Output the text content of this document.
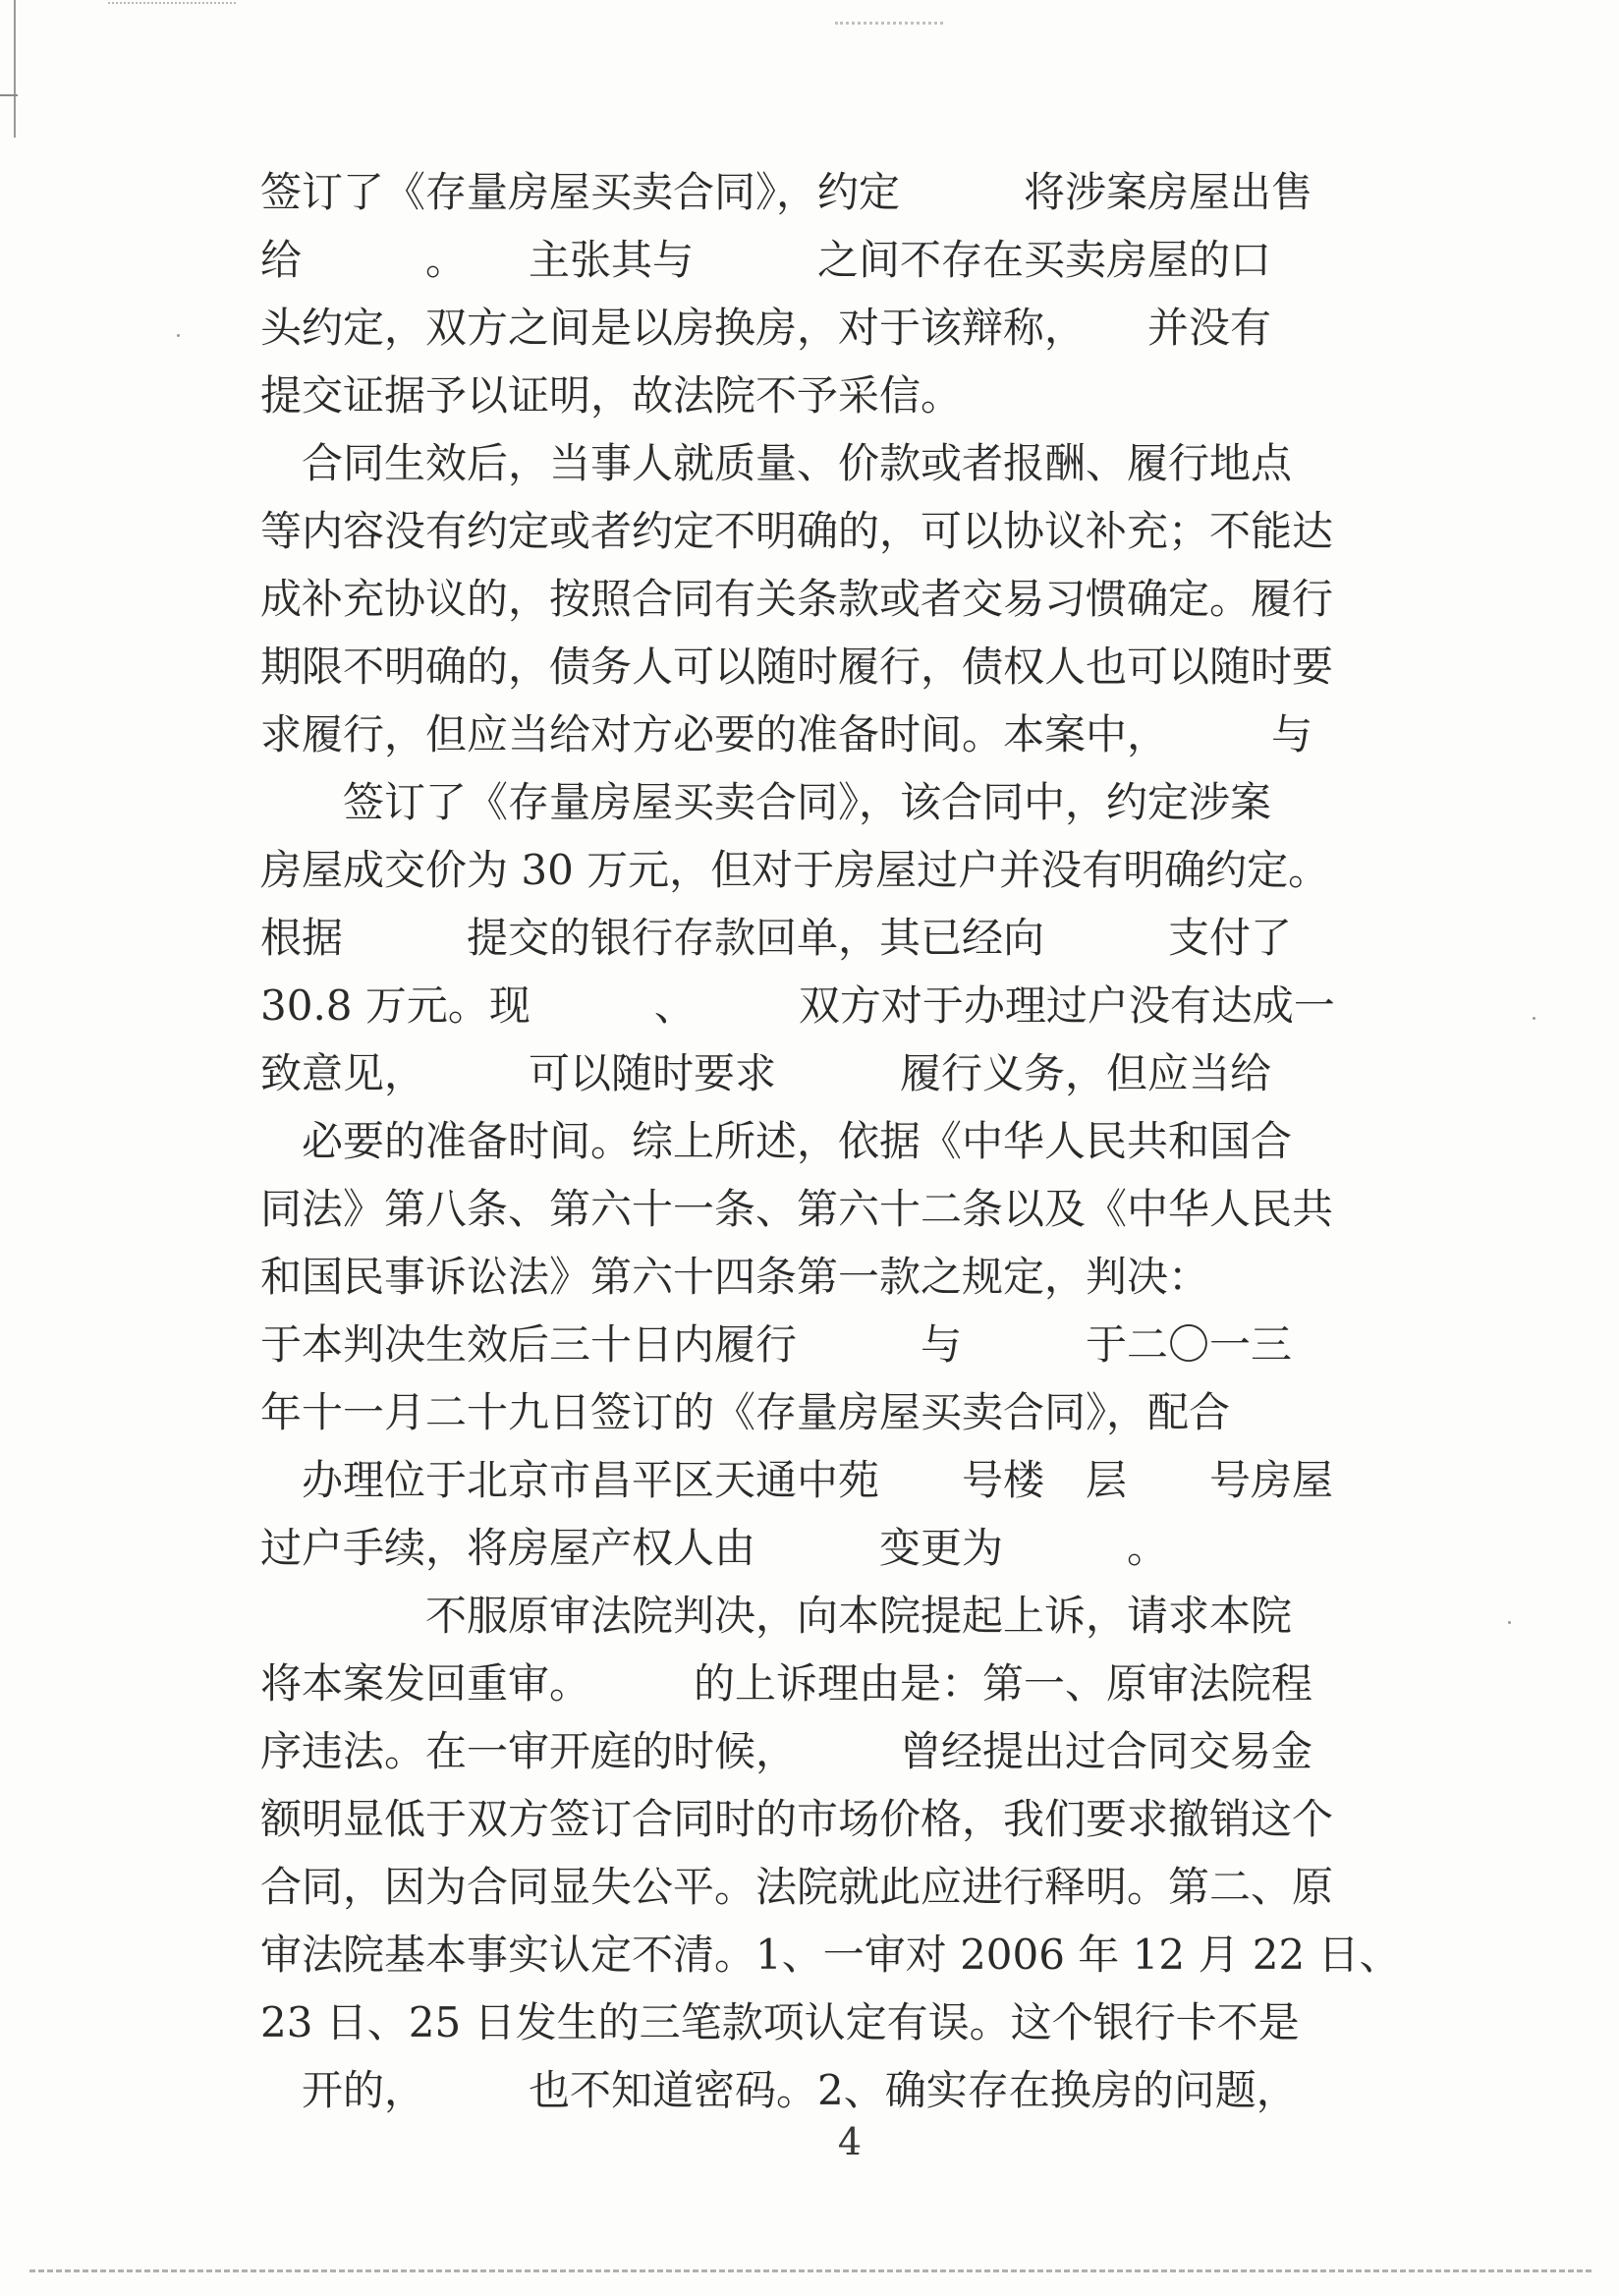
签订了《存量房屋买卖合同》，约定　　　将涉案房屋出售
给　　　。　　主张其与　　　之间不存在买卖房屋的口
头约定，双方之间是以房换房，对于该辩称，　　并没有
提交证据予以证明，故法院不予采信。
　合同生效后，当事人就质量、价款或者报酬、履行地点
等内容没有约定或者约定不明确的，可以协议补充；不能达
成补充协议的，按照合同有关条款或者交易习惯确定。履行
期限不明确的，债务人可以随时履行，债权人也可以随时要
求履行，但应当给对方必要的准备时间。本案中，　　　与
　　签订了《存量房屋买卖合同》，该合同中，约定涉案
房屋成交价为 30 万元，但对于房屋过户并没有明确约定。
根据　　　提交的银行存款回单，其已经向　　　支付了
30.8 万元。现　　　、　　　双方对于办理过户没有达成一
致意见，　　　可以随时要求　　　履行义务，但应当给
　必要的准备时间。综上所述，依据《中华人民共和国合
同法》第八条、第六十一条、第六十二条以及《中华人民共
和国民事诉讼法》第六十四条第一款之规定，判决：
于本判决生效后三十日内履行　　　与　　　于二〇一三
年十一月二十九日签订的《存量房屋买卖合同》，配合
　办理位于北京市昌平区天通中苑　　号楼　层　　号房屋
过户手续，将房屋产权人由　　　变更为　　　。
　　　　不服原审法院判决，向本院提起上诉，请求本院
将本案发回重审。　　　的上诉理由是：第一、原审法院程
序违法。在一审开庭的时候，　　　曾经提出过合同交易金
额明显低于双方签订合同时的市场价格，我们要求撤销这个
合同，因为合同显失公平。法院就此应进行释明。第二、原
审法院基本事实认定不清。1、一审对 2006 年 12 月 22 日、
23 日、25 日发生的三笔款项认定有误。这个银行卡不是
　开的，　　　也不知道密码。2、确实存在换房的问题，
4
